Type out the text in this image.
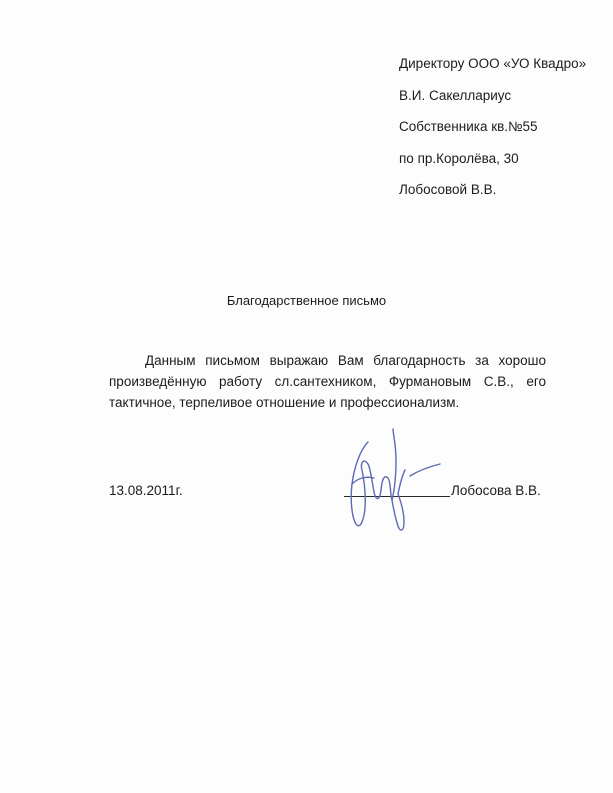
Директору ООО «УО Квадро»
В.И. Сакеллариус
Собственника кв.№55
по пр.Королёва, 30
Лобосовой В.В.
Благодарственное письмо

Данным письмом выражаю Вам благодарность за хорошо произведённую работу сл.сантехником, Фурмановым С.В., его тактичное, терпеливое отношение и профессионализм.

13.08.2011г.	Лобосова В.В.
